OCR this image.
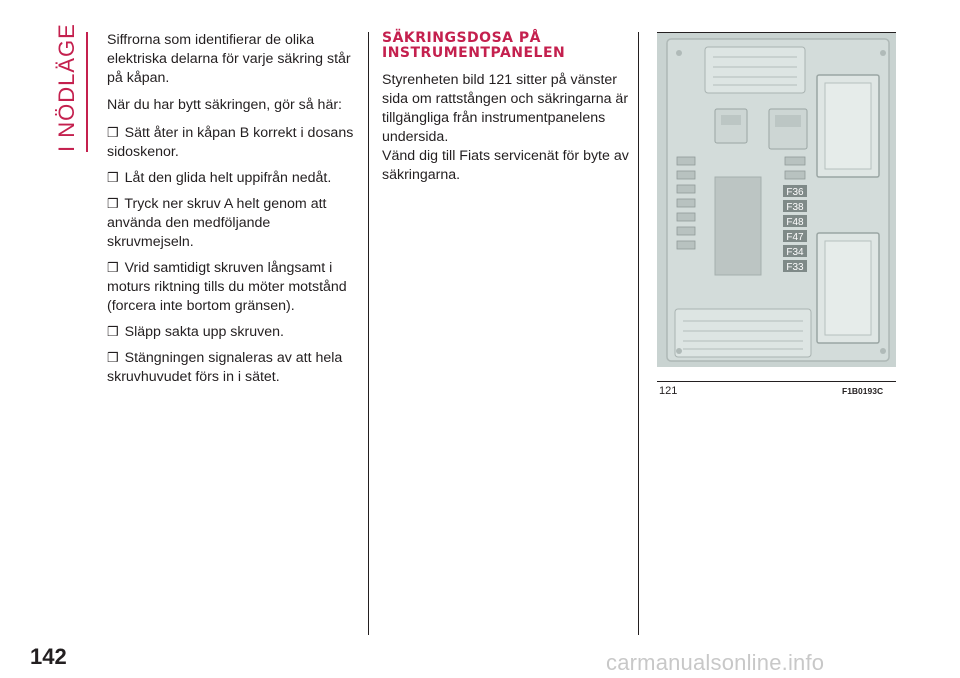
I NÖDLÄGE Siffrorna som identifierar de olika elektriska delarna för varje säkring står på kåpan.

När du har bytt säkringen, gör så här:

❒ Sätt åter in kåpan B korrekt i dosans sidoskenor.

❒ Låt den glida helt uppifrån nedåt.

❒ Tryck ner skruv A helt genom att använda den medföljande skruvmejseln.

❒ Vrid samtidigt skruven långsamt i moturs riktning tills du möter motstånd (forcera inte bortom gränsen).

❒ Släpp sakta upp skruven.

❒ Stängningen signaleras av att hela skruvhuvudet förs in i sätet.

SÄKRINGSDOSA PÅ
INSTRUMENTPANELEN

Styrenheten bild 121 sitter på vänster sida om rattstången och säkringarna är tillgängliga från instrumentpanelens undersida.

Vänd dig till Fiats servicenät för byte av säkringarna.

F36
F38
F48
F47
F34
F33
121	F1B0193C
142	carmanualsonline.info
